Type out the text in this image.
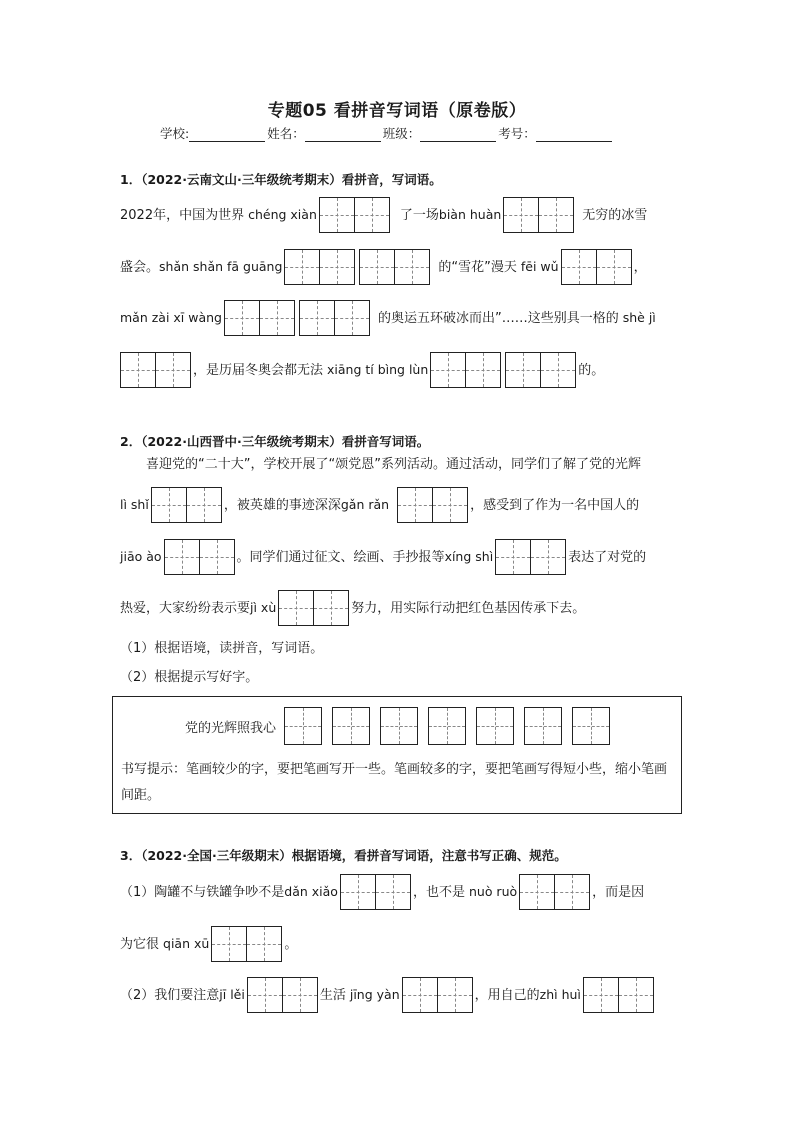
专题05 看拼音写词语（原卷版）
学校:	姓名：	班级：	考号：
1．（2022·云南文山·三年级统考期末）看拼音，写词语。
2022年，中国为世界 chéng xiàn	了一场 biàn huàn	无穷的冰雪
盛会。 shǎn shǎn fā guāng	的“雪花”漫天 fēi wǔ	，
mǎn zài xī wàng	的奥运五环破冰而出”……这些别具一格的 shè jì
，是历届冬奥会都无法 xiāng tí bìng lùn	的。
2．（2022·山西晋中·三年级统考期末）看拼音写词语。
喜迎党的“二十大”，学校开展了“颂党恩”系列活动。通过活动，同学们了解了党的光辉
lì shǐ	，被英雄的事迹深深 gǎn rǎn	，感受到了作为一名中国人的
jiāo ào	。同学们通过征文、绘画、手抄报等 xíng shì	表达了对党的
热爱，大家纷纷表示要 jì xù	努力，用实际行动把红色基因传承下去。
（1）根据语境，读拼音，写词语。
（2）根据提示写好字。
党的光辉照我心
书写提示：笔画较少的字，要把笔画写开一些。笔画较多的字，要把笔画写得短小些，缩小笔画间距。
3．（2022·全国·三年级期末）根据语境，看拼音写词语，注意书写正确、规范。
（1）陶罐不与铁罐争吵不是 dǎn xiǎo	，也不是 nuò ruò	，而是因
为它很 qiān xū	。
（2）我们要注意 jī lěi	生活 jīng yàn	，用自己的 zhì huì
